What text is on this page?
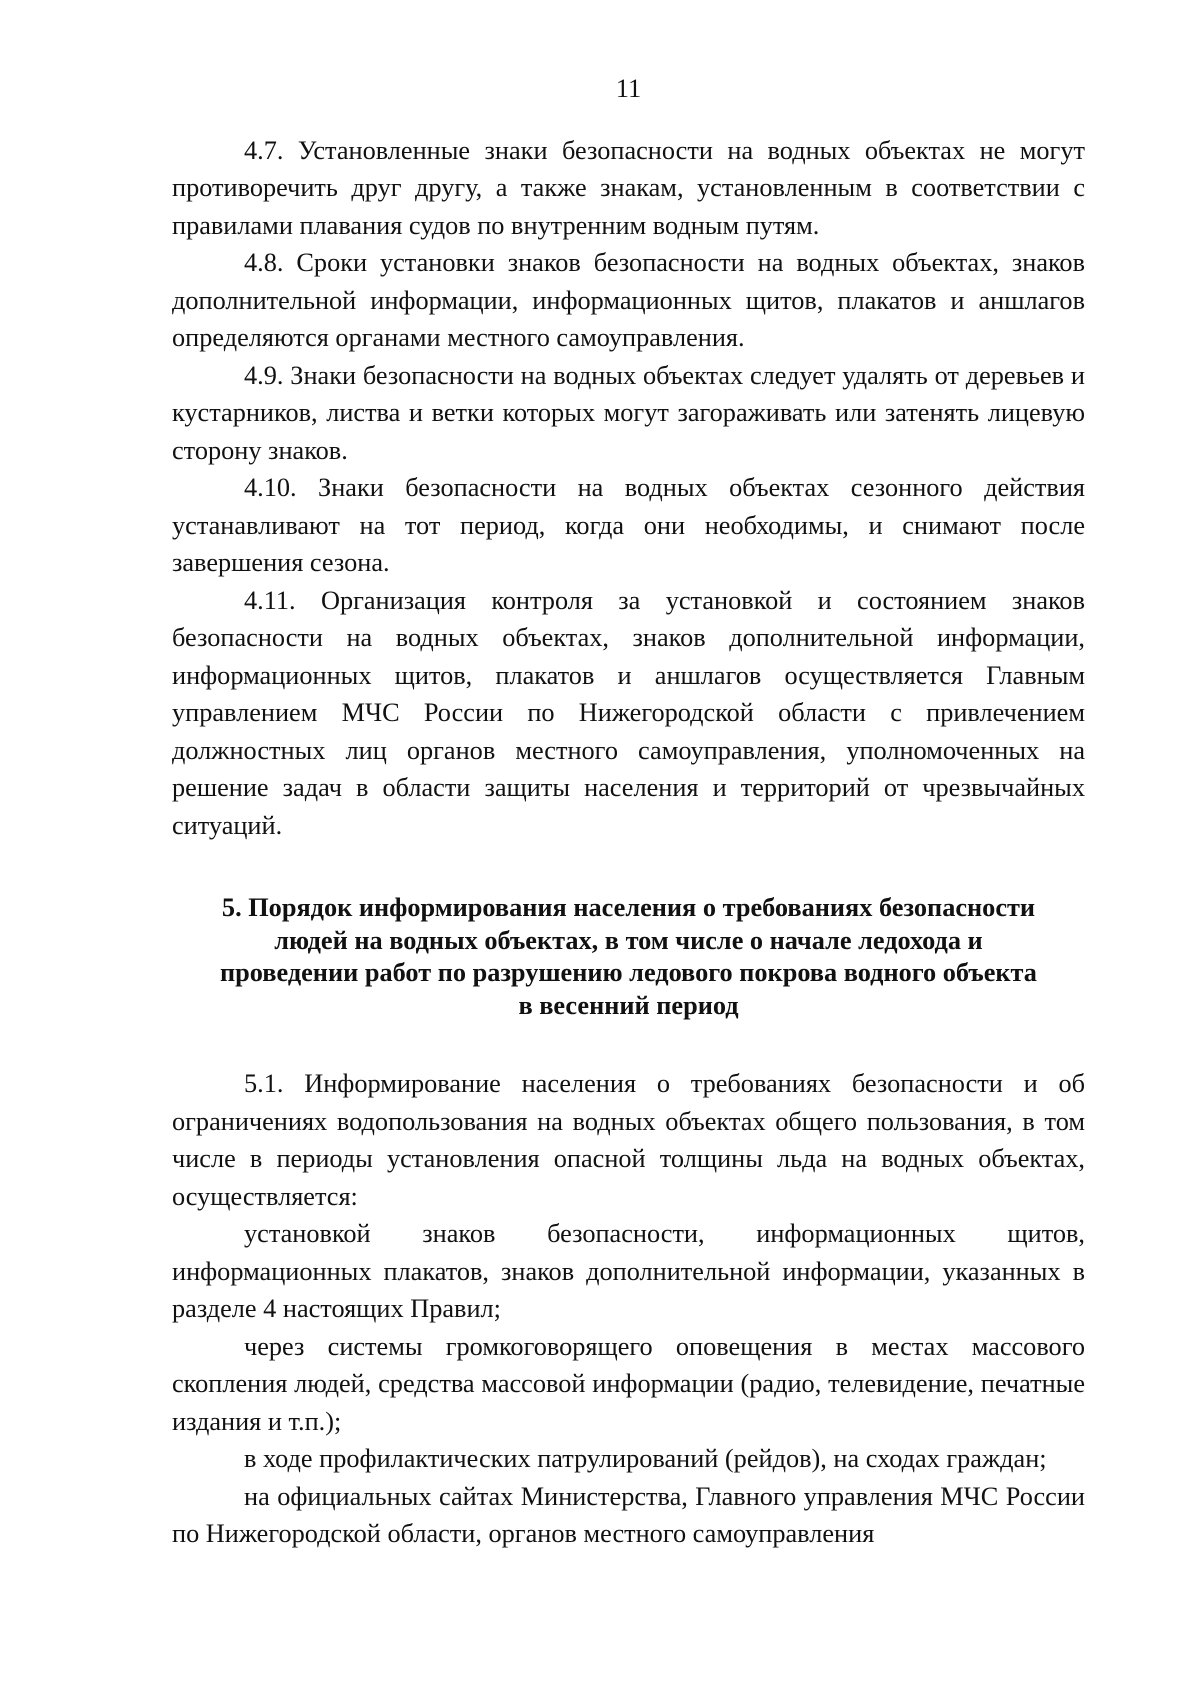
11

4.7. Установленные знаки безопасности на водных объектах не могут противоречить друг другу, а также знакам, установленным в соответствии с правилами плавания судов по внутренним водным путям.

4.8. Сроки установки знаков безопасности на водных объектах, знаков дополнительной информации, информационных щитов, плакатов и аншлагов определяются органами местного самоуправления.

4.9. Знаки безопасности на водных объектах следует удалять от деревьев и кустарников, листва и ветки которых могут загораживать или затенять лицевую сторону знаков.

4.10. Знаки безопасности на водных объектах сезонного действия устанавливают на тот период, когда они необходимы, и снимают после завершения сезона.

4.11. Организация контроля за установкой и состоянием знаков безопасности на водных объектах, знаков дополнительной информации, информационных щитов, плакатов и аншлагов осуществляется Главным управлением МЧС России по Нижегородской области с привлечением должностных лиц органов местного самоуправления, уполномоченных на решение задач в области защиты населения и территорий от чрезвычайных ситуаций.

5. Порядок информирования населения о требованиях безопасности
людей на водных объектах, в том числе о начале ледохода и
проведении работ по разрушению ледового покрова водного объекта
в весенний период

5.1. Информирование населения о требованиях безопасности и об ограничениях водопользования на водных объектах общего пользования, в том числе в периоды установления опасной толщины льда на водных объектах, осуществляется:

установкой знаков безопасности, информационных щитов, информационных плакатов, знаков дополнительной информации, указанных в разделе 4 настоящих Правил;

через системы громкоговорящего оповещения в местах массового скопления людей, средства массовой информации (радио, телевидение, печатные издания и т.п.);

в ходе профилактических патрулирований (рейдов), на сходах граждан;

на официальных сайтах Министерства, Главного управления МЧС России по Нижегородской области, органов местного самоуправления
